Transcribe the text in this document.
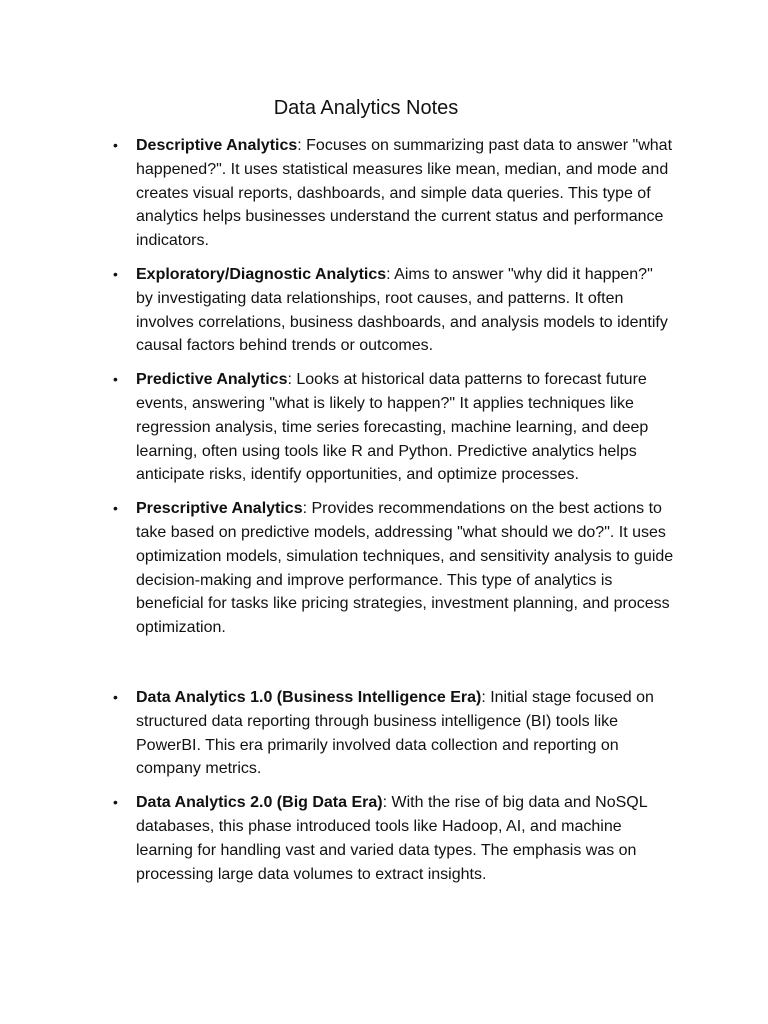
Data Analytics Notes
• Descriptive Analytics: Focuses on summarizing past data to answer "what happened?". It uses statistical measures like mean, median, and mode and creates visual reports, dashboards, and simple data queries. This type of analytics helps businesses understand the current status and performance indicators.
• Exploratory/Diagnostic Analytics: Aims to answer "why did it happen?" by investigating data relationships, root causes, and patterns. It often involves correlations, business dashboards, and analysis models to identify causal factors behind trends or outcomes.
• Predictive Analytics: Looks at historical data patterns to forecast future events, answering "what is likely to happen?" It applies techniques like regression analysis, time series forecasting, machine learning, and deep learning, often using tools like R and Python. Predictive analytics helps anticipate risks, identify opportunities, and optimize processes.
• Prescriptive Analytics: Provides recommendations on the best actions to take based on predictive models, addressing "what should we do?". It uses optimization models, simulation techniques, and sensitivity analysis to guide decision-making and improve performance. This type of analytics is beneficial for tasks like pricing strategies, investment planning, and process optimization.
• Data Analytics 1.0 (Business Intelligence Era): Initial stage focused on structured data reporting through business intelligence (BI) tools like PowerBI. This era primarily involved data collection and reporting on company metrics.
• Data Analytics 2.0 (Big Data Era): With the rise of big data and NoSQL databases, this phase introduced tools like Hadoop, AI, and machine learning for handling vast and varied data types. The emphasis was on processing large data volumes to extract insights.
